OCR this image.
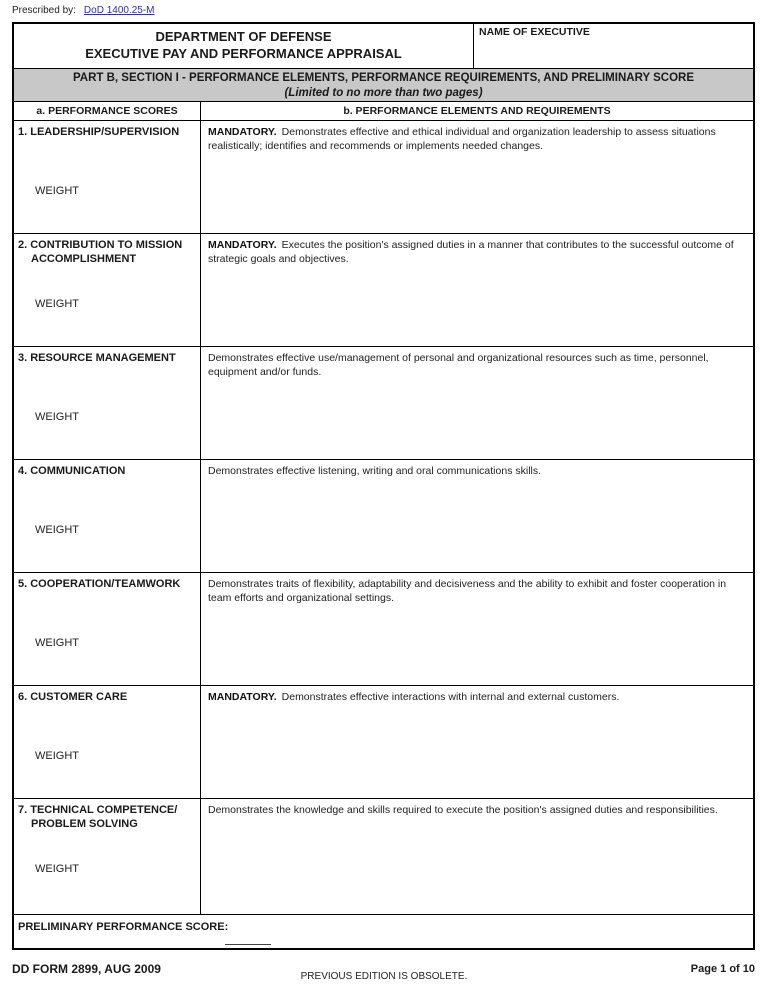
Prescribed by: DoD 1400.25-M
DEPARTMENT OF DEFENSE
EXECUTIVE PAY AND PERFORMANCE APPRAISAL
NAME OF EXECUTIVE
PART B, SECTION I - PERFORMANCE ELEMENTS, PERFORMANCE REQUIREMENTS, AND PRELIMINARY SCORE
(Limited to no more than two pages)
a. PERFORMANCE SCORES	b. PERFORMANCE ELEMENTS AND REQUIREMENTS
1. LEADERSHIP/SUPERVISION
WEIGHT
MANDATORY. Demonstrates effective and ethical individual and organization leadership to assess situations realistically; identifies and recommends or implements needed changes.
2. CONTRIBUTION TO MISSION ACCOMPLISHMENT
WEIGHT
MANDATORY. Executes the position's assigned duties in a manner that contributes to the successful outcome of strategic goals and objectives.
3. RESOURCE MANAGEMENT
WEIGHT
Demonstrates effective use/management of personal and organizational resources such as time, personnel, equipment and/or funds.
4. COMMUNICATION
WEIGHT
Demonstrates effective listening, writing and oral communications skills.
5. COOPERATION/TEAMWORK
WEIGHT
Demonstrates traits of flexibility, adaptability and decisiveness and the ability to exhibit and foster cooperation in team efforts and organizational settings.
6. CUSTOMER CARE
WEIGHT
MANDATORY. Demonstrates effective interactions with internal and external customers.
7. TECHNICAL COMPETENCE/ PROBLEM SOLVING
WEIGHT
Demonstrates the knowledge and skills required to execute the position's assigned duties and responsibilities.
PRELIMINARY PERFORMANCE SCORE:
DD FORM 2899, AUG 2009
PREVIOUS EDITION IS OBSOLETE.
Page 1 of 10
